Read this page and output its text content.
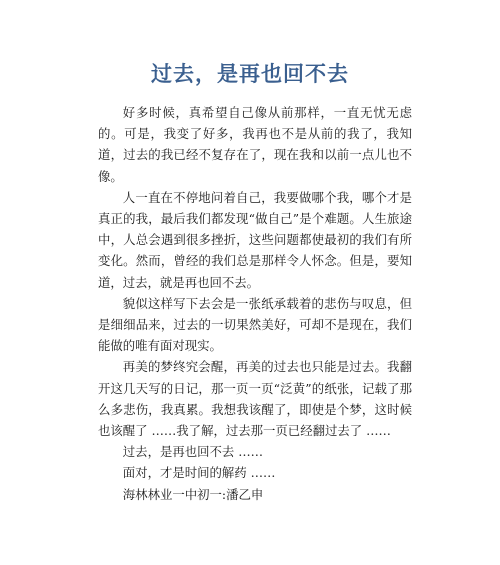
过去，是再也回不去

好多时候，真希望自己像从前那样，一直无忧无虑的。可是，我变了好多，我再也不是从前的我了，我知道，过去的我已经不复存在了，现在我和以前一点儿也不像。

人一直在不停地问着自己，我要做哪个我，哪个才是真正的我，最后我们都发现“做自己”是个难题。人生旅途中，人总会遇到很多挫折，这些问题都使最初的我们有所变化。然而，曾经的我们总是那样令人怀念。但是，要知道，过去，就是再也回不去。

貌似这样写下去会是一张纸承载着的悲伤与叹息，但是细细品来，过去的一切果然美好，可却不是现在，我们能做的唯有面对现实。

再美的梦终究会醒，再美的过去也只能是过去。我翻开这几天写的日记，那一页一页“泛黄”的纸张，记载了那么多悲伤，我真累。我想我该醒了，即使是个梦，这时候也该醒了 ……我了解，过去那一页已经翻过去了 ……

过去，是再也回不去 ……

面对，才是时间的解药 ……

海林林业一中初一:潘乙申
